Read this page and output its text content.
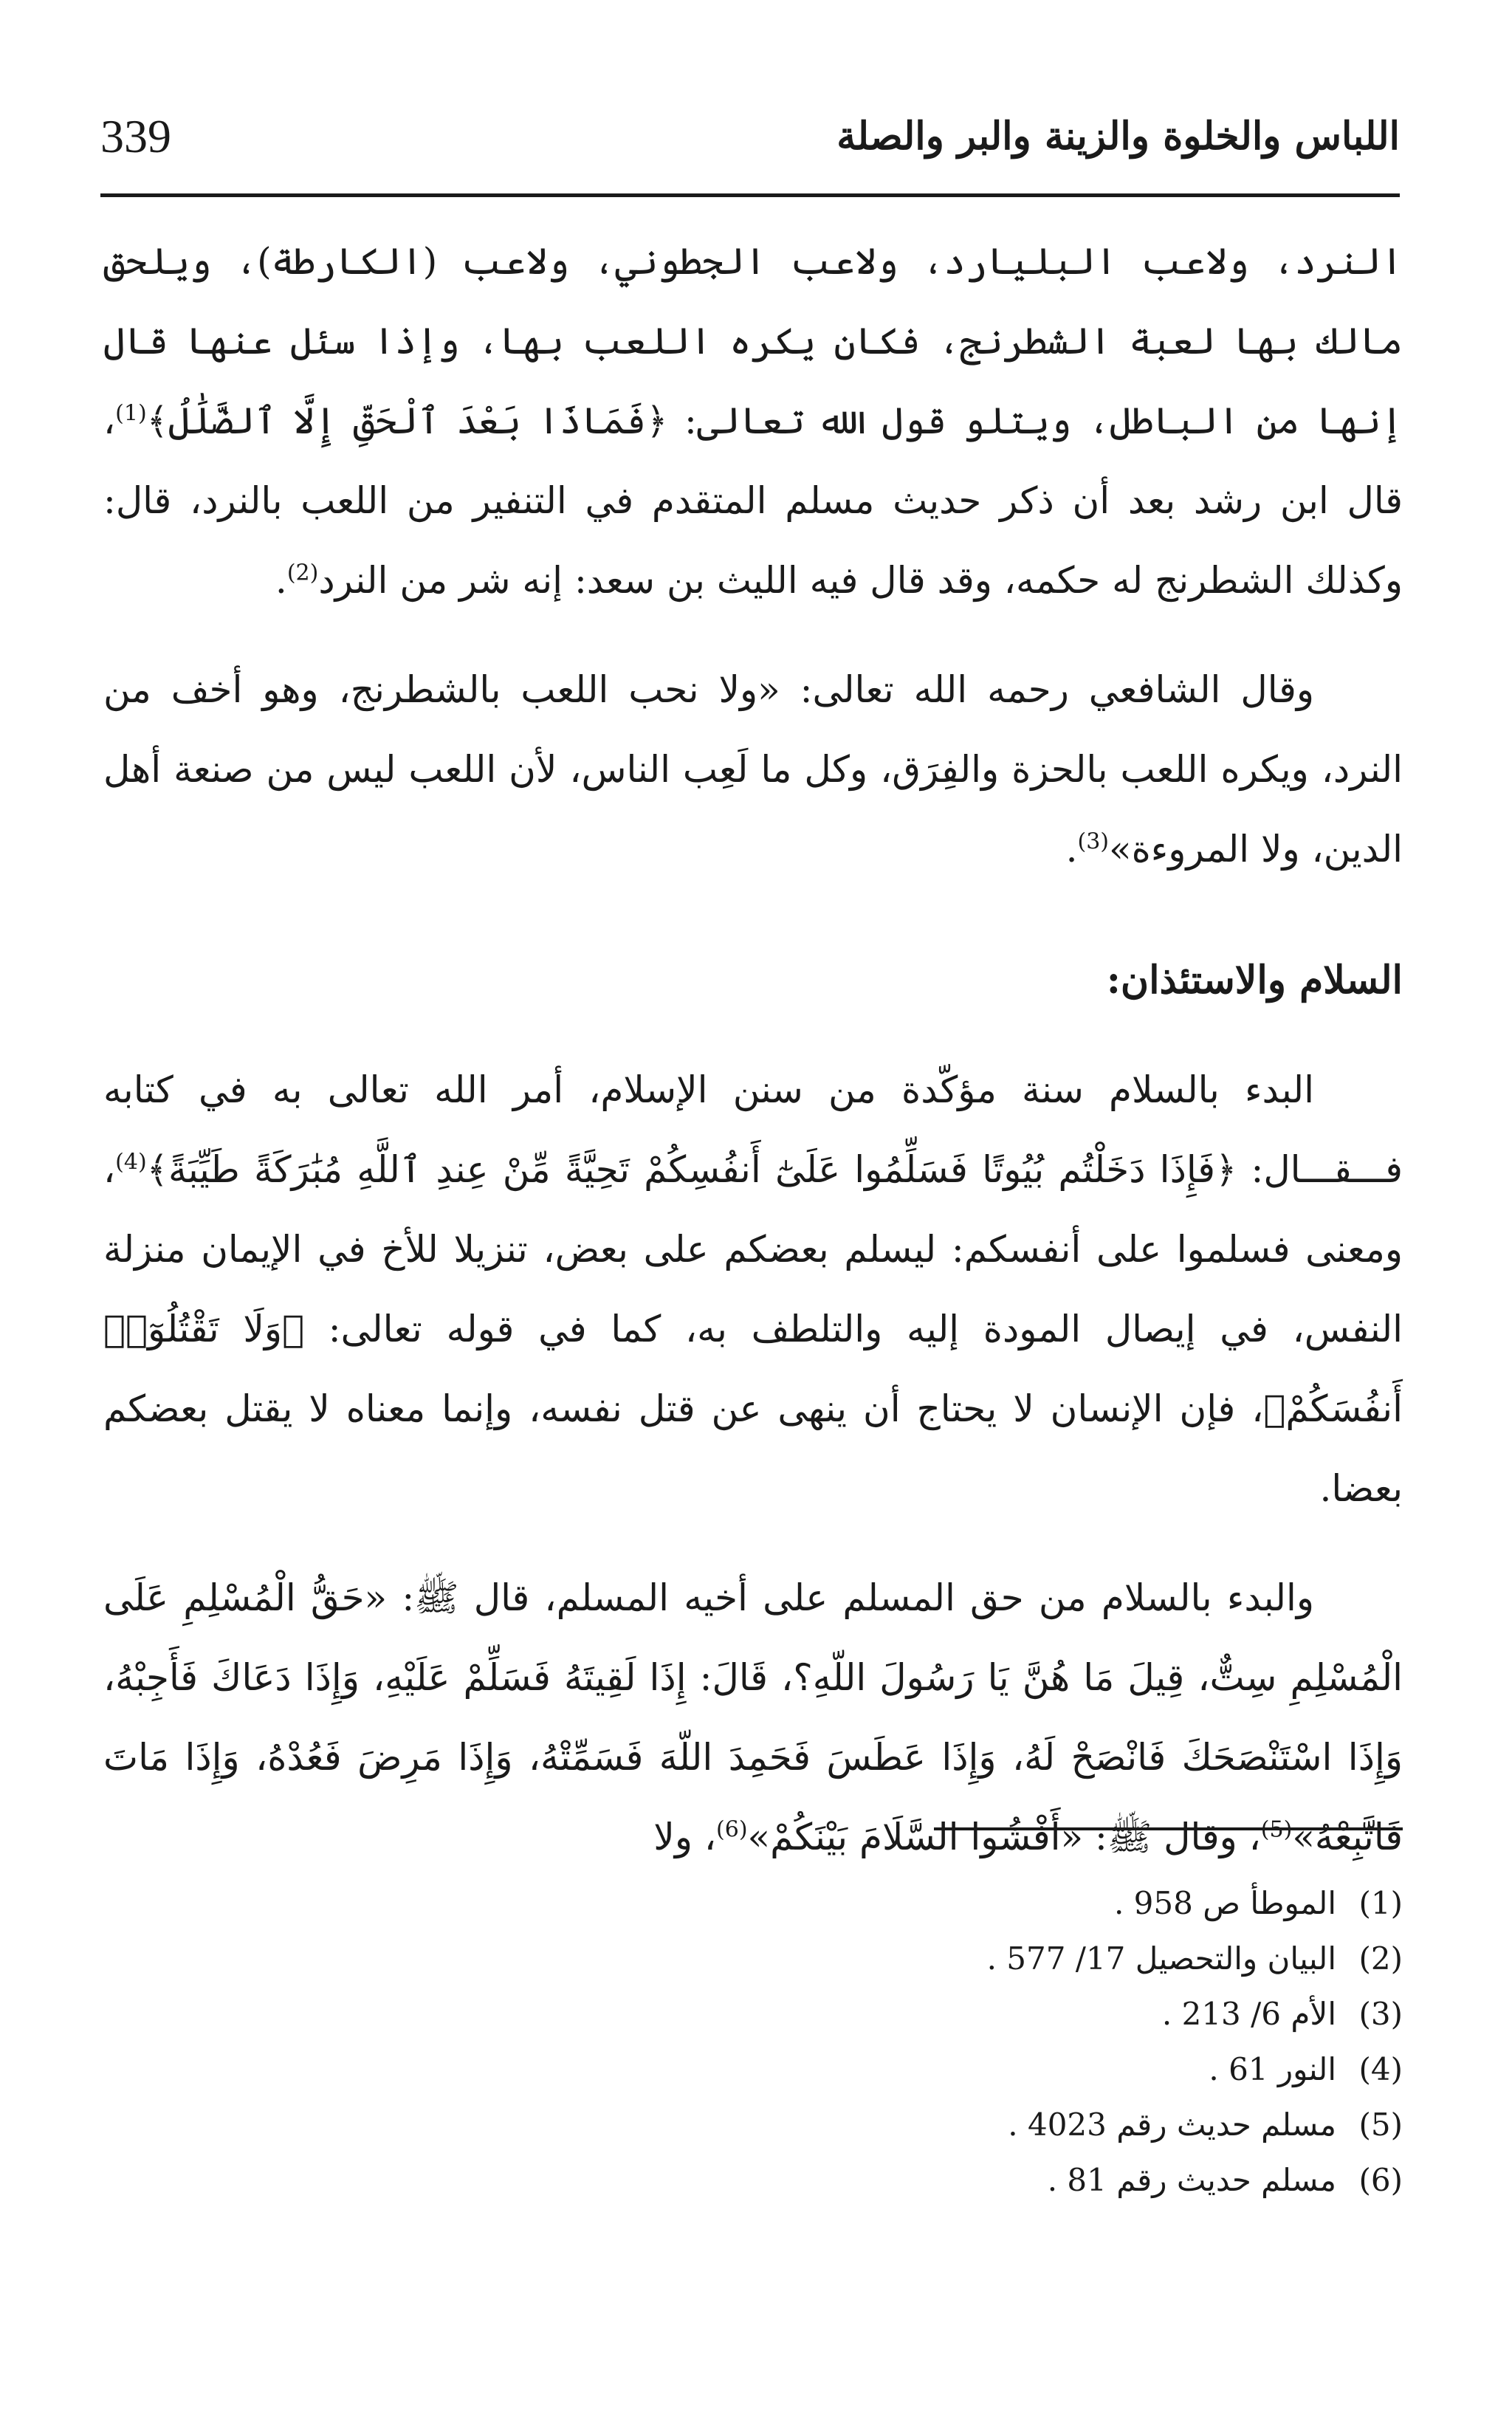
339	اللباس والخلوة والزينة والبر والصلة

النرد، ولاعب البليارد، ولاعب الجطوني، ولاعب (الكارطة)، ويلحق مالك بها لعبة الشطرنج، فكان يكره اللعب بها، وإذا سئل عنها قال إنها من الباطل، ويتلو قول الله تعالى: ﴿فَمَاذَا بَعْدَ ٱلْحَقِّ إِلَّا ٱلضَّلَٰلُ﴾$^{(1)}$، قال ابن رشد بعد أن ذكر حديث مسلم المتقدم في التنفير من اللعب بالنرد، قال: وكذلك الشطرنج له حكمه، وقد قال فيه الليث بن سعد: إنه شر من النرد$^{(2)}$.

وقال الشافعي رحمه الله تعالى: «ولا نحب اللعب بالشطرنج، وهو أخف من النرد، ويكره اللعب بالحزة والفِرَق، وكل ما لَعِب الناس، لأن اللعب ليس من صنعة أهل الدين، ولا المروءة»$^{(3)}$.

السلام والاستئذان:

البدء بالسلام سنة مؤكّدة من سنن الإسلام، أمر الله تعالى به في كتابه فـــقـــال: ﴿فَإِذَا دَخَلْتُم بُيُوتًا فَسَلِّمُوا عَلَىٰٓ أَنفُسِكُمْ تَحِيَّةً مِّنْ عِندِ ٱللَّهِ مُبَٰرَكَةً طَيِّبَةً﴾$^{(4)}$، ومعنى فسلموا على أنفسكم: ليسلم بعضكم على بعض، تنزيلا للأخ في الإيمان منزلة النفس، في إيصال المودة إليه والتلطف به، كما في قوله تعالى: ﴿وَلَا تَقْتُلُوٓا۟ أَنفُسَكُمْ﴾، فإن الإنسان لا يحتاج أن ينهى عن قتل نفسه، وإنما معناه لا يقتل بعضكم بعضا.

والبدء بالسلام من حق المسلم على أخيه المسلم، قال ﷺ: «حَقُّ الْمُسْلِمِ عَلَى الْمُسْلِمِ سِتٌّ، قِيلَ مَا هُنَّ يَا رَسُولَ اللّهِ؟، قَالَ: إِذَا لَقِيتَهُ فَسَلِّمْ عَلَيْهِ، وَإِذَا دَعَاكَ فَأَجِبْهُ، وَإِذَا اسْتَنْصَحَكَ فَانْصَحْ لَهُ، وَإِذَا عَطَسَ فَحَمِدَ اللّهَ فَسَمِّتْهُ، وَإِذَا مَرِضَ فَعُدْهُ، وَإِذَا مَاتَ فَاتَّبِعْهُ»$^{(5)}$، وقال ﷺ: «أَفْشُوا السَّلَامَ بَيْنَكُمْ»$^{(6)}$، ولا

(1)
الموطأ ص 958 .
(2)
البيان والتحصيل 17/ 577 .
(3)
الأم 6/ 213 .
(4)
النور 61 .
(5)
مسلم حديث رقم 4023 .
(6)
مسلم حديث رقم 81 .
